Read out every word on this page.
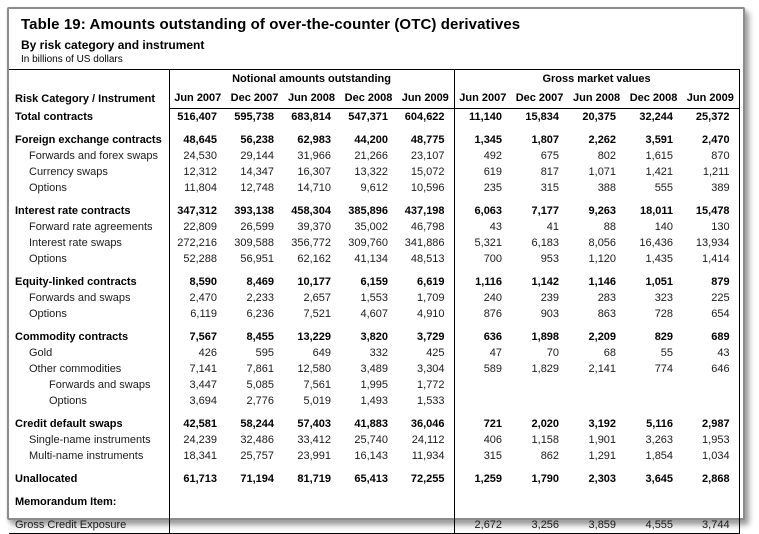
Table 19: Amounts outstanding of over-the-counter (OTC) derivatives
By risk category and instrument
In billions of US dollars
Risk Category / Instrument	Notional amounts outstanding					Gross market values				
	Jun 2007	Dec 2007	Jun 2008	Dec 2008	Jun 2009	Jun 2007	Dec 2007	Jun 2008	Dec 2008	Jun 2009
Total contracts	516,407	595,738	683,814	547,371	604,622	11,140	15,834	20,375	32,244	25,372

Foreign exchange contracts	48,645	56,238	62,983	44,200	48,775	1,345	1,807	2,262	3,591	2,470
Forwards and forex swaps	24,530	29,144	31,966	21,266	23,107	492	675	802	1,615	870
Currency swaps	12,312	14,347	16,307	13,322	15,072	619	817	1,071	1,421	1,211
Options	11,804	12,748	14,710	9,612	10,596	235	315	388	555	389

Interest rate contracts	347,312	393,138	458,304	385,896	437,198	6,063	7,177	9,263	18,011	15,478
Forward rate agreements	22,809	26,599	39,370	35,002	46,798	43	41	88	140	130
Interest rate swaps	272,216	309,588	356,772	309,760	341,886	5,321	6,183	8,056	16,436	13,934
Options	52,288	56,951	62,162	41,134	48,513	700	953	1,120	1,435	1,414

Equity-linked contracts	8,590	8,469	10,177	6,159	6,619	1,116	1,142	1,146	1,051	879
Forwards and swaps	2,470	2,233	2,657	1,553	1,709	240	239	283	323	225
Options	6,119	6,236	7,521	4,607	4,910	876	903	863	728	654

Commodity contracts	7,567	8,455	13,229	3,820	3,729	636	1,898	2,209	829	689
Gold	426	595	649	332	425	47	70	68	55	43
Other commodities	7,141	7,861	12,580	3,489	3,304	589	1,829	2,141	774	646
Forwards and swaps	3,447	5,085	7,561	1,995	1,772					
Options	3,694	2,776	5,019	1,493	1,533					

Credit default swaps	42,581	58,244	57,403	41,883	36,046	721	2,020	3,192	5,116	2,987
Single-name instruments	24,239	32,486	33,412	25,740	24,112	406	1,158	1,901	3,263	1,953
Multi-name instruments	18,341	25,757	23,991	16,143	11,934	315	862	1,291	1,854	1,034

Unallocated	61,713	71,194	81,719	65,413	72,255	1,259	1,790	2,303	3,645	2,868

Memorandum Item:										

Gross Credit Exposure						2,672	3,256	3,859	4,555	3,744
